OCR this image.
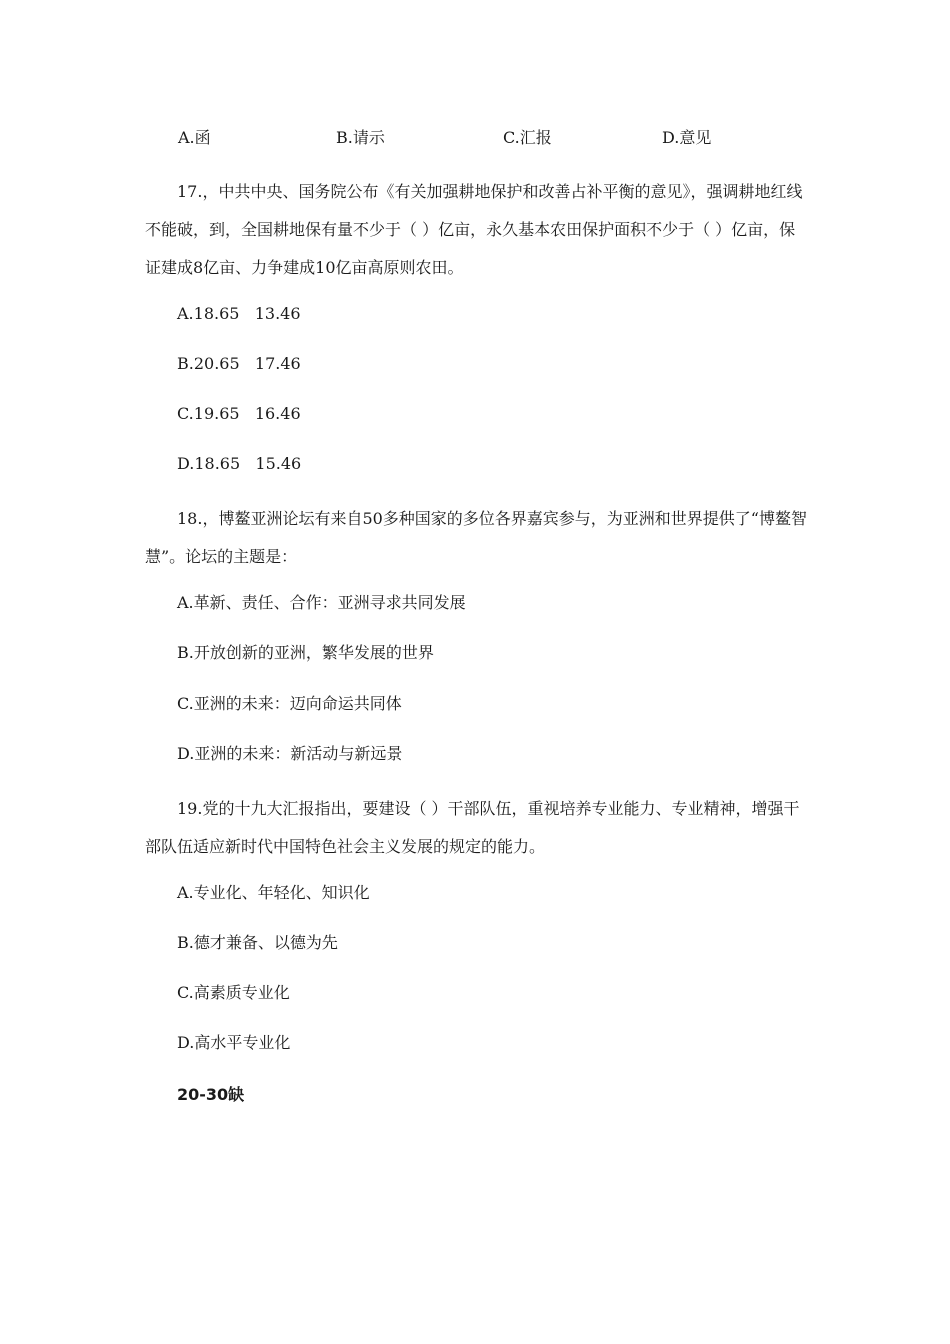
A.函	B.请示	C.汇报	D.意见
17.，中共中央、国务院公布《有关加强耕地保护和改善占补平衡的意见》，强调耕地红线不能破，到，全国耕地保有量不少于（ ）亿亩，永久基本农田保护面积不少于（ ）亿亩，保证建成8亿亩、力争建成10亿亩高原则农田。
A.18.65   13.46
B.20.65   17.46
C.19.65   16.46
D.18.65   15.46
18.，博鳌亚洲论坛有来自50多种国家的多位各界嘉宾参与，为亚洲和世界提供了“博鳌智慧”。论坛的主题是：
A.革新、责任、合作：亚洲寻求共同发展
B.开放创新的亚洲，繁华发展的世界
C.亚洲的未来：迈向命运共同体
D.亚洲的未来：新活动与新远景
19.党的十九大汇报指出，要建设（ ）干部队伍，重视培养专业能力、专业精神，增强干部队伍适应新时代中国特色社会主义发展的规定的能力。
A.专业化、年轻化、知识化
B.德才兼备、以德为先
C.高素质专业化
D.高水平专业化
20-30缺
